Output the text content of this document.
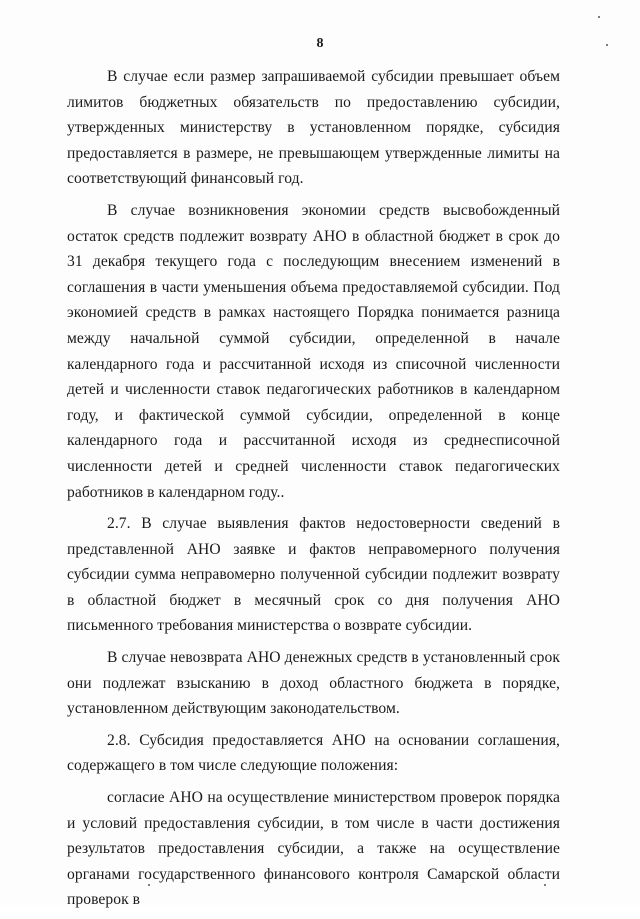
8

В случае если размер запрашиваемой субсидии превышает объем лимитов бюджетных обязательств по предоставлению субсидии, утвержденных министерству в установленном порядке, субсидия предоставляется в размере, не превышающем утвержденные лимиты на соответствующий финансовый год.

В случае возникновения экономии средств высвобожденный остаток средств подлежит возврату АНО в областной бюджет в срок до 31 декабря текущего года с последующим внесением изменений в соглашения в части уменьшения объема предоставляемой субсидии. Под экономией средств в рамках настоящего Порядка понимается разница между начальной суммой субсидии, определенной в начале календарного года и рассчитанной исходя из списочной численности детей и численности ставок педагогических работников в календарном году, и фактической суммой субсидии, определенной в конце календарного года и рассчитанной исходя из среднесписочной численности детей и средней численности ставок педагогических работников в календарном году..

2.7. В случае выявления фактов недостоверности сведений в представленной АНО заявке и фактов неправомерного получения субсидии сумма неправомерно полученной субсидии подлежит возврату в областной бюджет в месячный срок со дня получения АНО письменного требования министерства о возврате субсидии.

В случае невозврата АНО денежных средств в установленный срок они подлежат взысканию в доход областного бюджета в порядке, установленном действующим законодательством.

2.8. Субсидия предоставляется АНО на основании соглашения, содержащего в том числе следующие положения:

согласие АНО на осуществление министерством проверок порядка и условий предоставления субсидии, в том числе в части достижения результатов предоставления субсидии, а также на осуществление органами государственного финансового контроля Самарской области проверок в
